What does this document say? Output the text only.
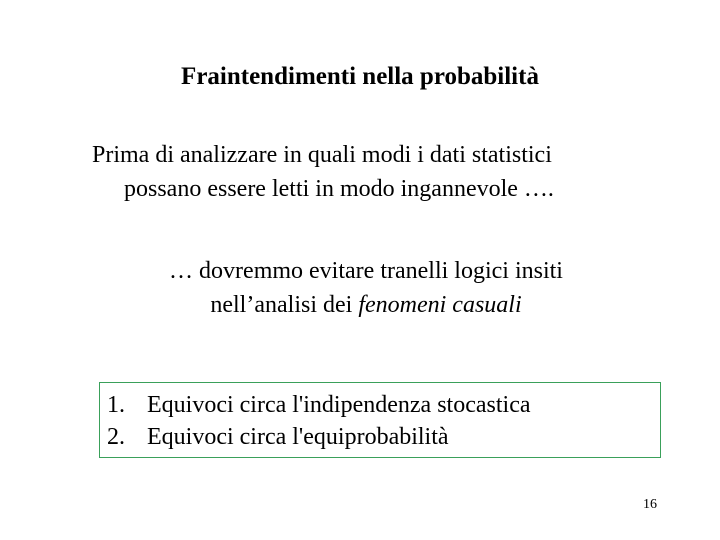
Fraintendimenti nella probabilità
Prima di analizzare in quali modi i dati statistici
possano essere letti in modo ingannevole ….
… dovremmo evitare tranelli logici insiti
nell’analisi dei fenomeni casuali
1. Equivoci circa l'indipendenza stocastica
2. Equivoci circa l'equiprobabilità
16
